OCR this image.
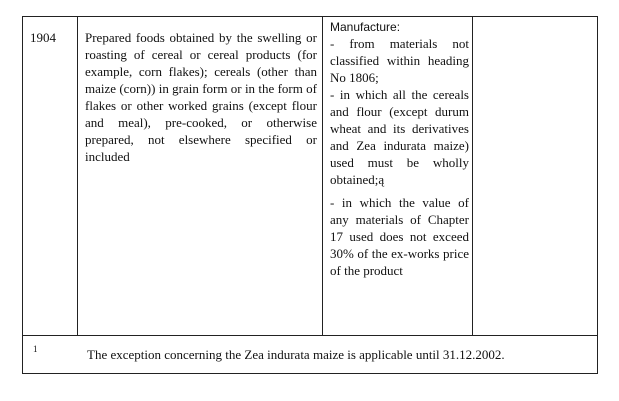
1904 Prepared foods obtained by the swelling or roasting of cereal or cereal products (for example, corn flakes); cereals (other than maize (corn)) in grain form or in the form of flakes or other worked grains (except flour and meal), pre-cooked, or otherwise prepared, not elsewhere specified or included

Manufacture:

- from materials not classified within heading No 1806;

- in which all the cereals and flour (except durum wheat and its derivatives and Zea indurata maize) used must be wholly obtained;ą

- in which the value of any materials of Chapter 17 used does not exceed 30% of the ex-works price of the product

1	The exception concerning the Zea indurata maize is applicable until 31.12.2002.
